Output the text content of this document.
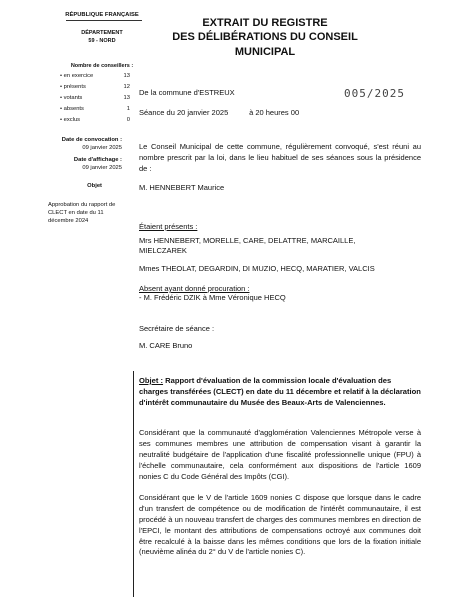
RÉPUBLIQUE FRANÇAISE
DÉPARTEMENT
59 - NORD
EXTRAIT DU REGISTRE
DES DÉLIBÉRATIONS DU CONSEIL
MUNICIPAL
Nombre de conseillers :
• en exercice	13
• présents	12
• votants	13
• absents	1
• exclus	0
005/2025
De la commune d'ESTREUX
Séance du 20 janvier 2025          à 20 heures 00
Date de convocation :
09 janvier 2025
Date d'affichage :
09 janvier 2025
Objet
Approbation du rapport de CLECT en date du 11 décembre 2024
Le Conseil Municipal de cette commune, régulièrement convoqué, s'est réuni au nombre prescrit par la loi, dans le lieu habituel de ses séances sous la présidence de :
M. HENNEBERT Maurice
Étaient présents :
Mrs HENNEBERT, MORELLE, CARE, DELATTRE, MARCAILLE,
MIELCZAREK
Mmes THEOLAT, DEGARDIN, DI MUZIO, HECQ, MARATIER, VALCIS
Absent ayant donné procuration :
- M. Frédéric DZIK à Mme Véronique HECQ
Secrétaire de séance :
M. CARE Bruno
Objet : Rapport d'évaluation de la commission locale d'évaluation des charges transférées (CLECT) en date du 11 décembre et relatif à la déclaration d'intérêt communautaire du Musée des Beaux-Arts de Valenciennes.
Considérant que la communauté d'agglomération Valenciennes Métropole verse à ses communes membres une attribution de compensation visant à garantir la neutralité budgétaire de l'application d'une fiscalité professionnelle unique (FPU) à l'échelle communautaire, cela conformément aux dispositions de l'article 1609 nonies C du Code Général des Impôts (CGI).
Considérant que le V de l'article 1609 nonies C dispose que lorsque dans le cadre d'un transfert de compétence ou de modification de l'intérêt communautaire, il est procédé à un nouveau transfert de charges des communes membres en direction de l'EPCI, le montant des attributions de compensations octroyé aux communes doit être recalculé à la baisse dans les mêmes conditions que lors de la fixation initiale (neuvième alinéa du 2° du V de l'article nonies C).
